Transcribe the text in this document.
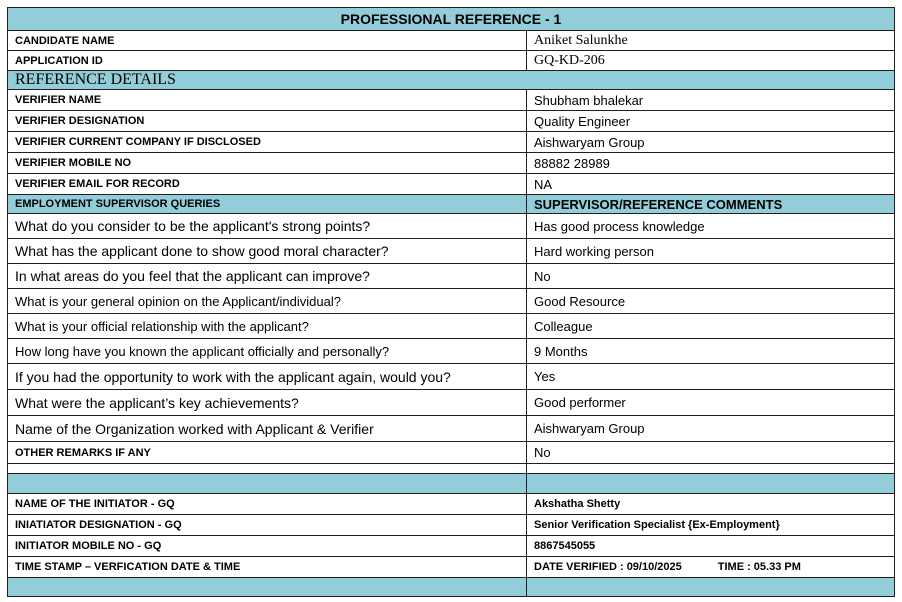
PROFESSIONAL REFERENCE - 1	
CANDIDATE NAME	Aniket Salunkhe
APPLICATION ID	GQ-KD-206
REFERENCE DETAILS	
VERIFIER NAME	Shubham bhalekar
VERIFIER DESIGNATION	Quality Engineer
VERIFIER CURRENT COMPANY IF DISCLOSED	Aishwaryam Group
VERIFIER MOBILE NO	88882 28989
VERIFIER EMAIL FOR RECORD	NA
EMPLOYMENT SUPERVISOR QUERIES	SUPERVISOR/REFERENCE COMMENTS
What do you consider to be the applicant's strong points?	Has good process knowledge
What has the applicant done to show good moral character?	Hard working person
In what areas do you feel that the applicant can improve?	No
What is your general opinion on the Applicant/individual?	Good Resource
What is your official relationship with the applicant?	Colleague
How long have you known the applicant officially and personally?	9 Months
If you had the opportunity to work with the applicant again, would you?	Yes
What were the applicant’s key achievements?	Good performer
Name of the Organization worked with Applicant & Verifier	Aishwaryam Group
OTHER REMARKS IF ANY	No

NAME OF THE INITIATOR - GQ	Akshatha Shetty
INIATIATOR DESIGNATION - GQ	Senior Verification Specialist {Ex-Employment}
INITIATOR MOBILE NO - GQ	8867545055
TIME STAMP – VERFICATION DATE & TIME	DATE VERIFIED : 09/10/2025 TIME : 05.33 PM
